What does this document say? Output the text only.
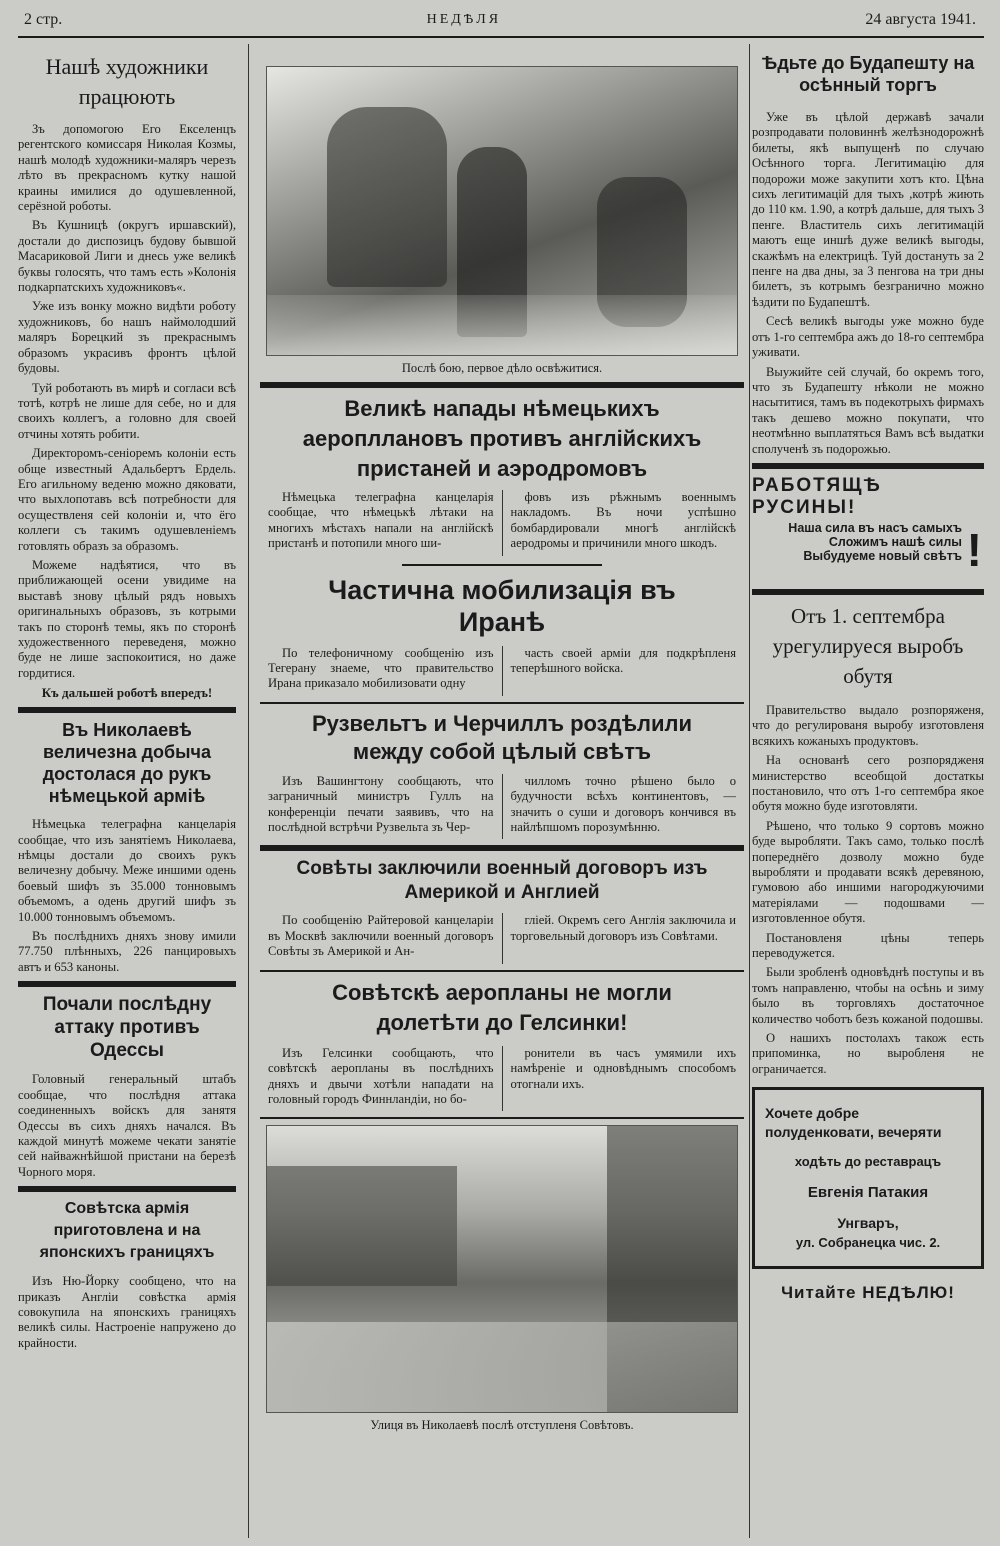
2 стр.	НЕДѢЛЯ	24 августа 1941.
Нашѣ художники працюють

Зъ допомогою Его Екселенцъ регентского комиссаря Николая Козмы, нашѣ молодѣ художники-маляръ черезъ лѣто въ прекрасномъ кутку нашой краины имилися до одушевленной, серёзной роботы.

Въ Кушницѣ (округъ иршавский), достали до диспозицъ будову бывшой Масариковой Лиги и днесь уже великѣ буквы голосять, что тамъ есть »Колонія подкарпатскихъ художниковъ«.

Уже изъ вонку можно видѣти роботу художниковъ, бо нашъ наймолодший маляръ Борецкий зъ прекраснымъ образомъ украсивъ фронтъ цѣлой будовы.

Туй роботають въ мирѣ и согласи всѣ тотѣ, котрѣ не лише для себе, но и для своихъ коллегъ, а головно для своей отчины хотять робити.

Директоромъ-сеніоремъ колоніи есть обще известный Адальбертъ Ердель. Его агильному веденю можно дяковати, что выхлопотавъ всѣ потребности для осуществленя сей колоніи и, что ёго коллеги съ такимъ одушевленіемъ готовлять образъ за образомъ.

Можеме надѣятися, что въ приближающей осени увидиме на выставѣ знову цѣлый рядъ новыхъ оригинальныхъ образовъ, зъ котрыми такъ по сторонѣ темы, якъ по сторонѣ художественного переведеня, можно буде не лише заспокоитися, но даже гордитися.

Къ дальшей роботѣ впередъ!
Въ Николаевѣ величезна добыча достолася до рукъ нѣмецькой армiѣ

Нѣмецька телеграфна канцеларія сообщае, что изъ занятіемъ Николаева, нѣмцы достали до своихъ рукъ величезну добычу. Меже иншими одень боевый шифъ зъ 35.000 тонновымъ объемомъ, а одень другий шифъ зъ 10.000 тонновымъ объемомъ.

Въ послѣднихъ дняхъ знову имили 77.750 плѣнныхъ, 226 панцировыхъ автъ и 653 каноны.

Почали послѣдну аттаку противъ Одессы

Головный генеральный штабъ сообщае, что послѣдня аттака соединенныхъ войскъ для занятя Одессы въ сихъ дняхъ начался. Въ каждой минутѣ можеме чекати занятіе сей найважнѣйшой пристани на березѣ Чорного моря.

Совѣтска армія приготовлена и на японскихъ границяхъ

Изъ Ню-Йорку сообщено, что на приказъ Англіи совѣстка армія совокупила на японскихъ границяхъ великѣ силы. Настроеніе напружено до крайности.

Послѣ бою, первое дѣло освѣжитися.
Великѣ напады нѣмецькихъ аеропллановъ противъ англійскихъ пристаней и аэродромовъ

Нѣмецька телеграфна канцеларія сообщае, что нѣмецькѣ лѣтаки на многихъ мѣстахъ напали на англійскѣ пристанѣ и потопили много ши-

фовъ изъ рѣжнымъ военнымъ накладомъ. Въ ночи успѣшно бомбардировали многѣ англійскѣ аеродромы и причинили много шкодъ.

Частична мобилизація въ Иранѣ

По телефоничному сообщенію изъ Тегерану знаеме, что правительство Ирана приказало мобилизовати одну

часть своей арміи для подкрѣпленя теперѣшного войска.

Рузвельтъ и Черчиллъ роздѣлили между собой цѣлый свѣтъ

Изъ Вашингтону сообщають, что заграничный министръ Гуллъ на конференціи печати заявивъ, что на послѣдной встрѣчи Рузвельта зъ Чер-

чилломъ точно рѣшено было о будучности всѣхъ континентовъ, — значить о суши и договоръ кончився въ найлѣпшомъ порозумѣнню.

Совѣты заключили военный договоръ изъ Америкой и Англией

По сообщенію Райтеровой канцеларіи въ Москвѣ заключили военный договоръ Совѣты зъ Америкой и Ан-

гліей. Окремъ сего Англія заключила и торговельный договоръ изъ Совѣтами.

Совѣтскѣ аеропланы не могли долетѣти до Гелсинки!

Изъ Гелсинки сообщають, что совѣтскѣ аеропланы въ послѣднихъ дняхъ и двычи хотѣли нападати на головный городъ Финнландіи, но бо-

ронители въ часъ умямили ихъ намѣреніе и одновѣднымъ способомъ отогнали ихъ.

Улиця въ Николаевѣ послѣ отступленя Совѣтовъ.
Ѣдьте до Будапешту на осѣнный торгъ

Уже въ цѣлой державѣ зачали розпродавати половиннѣ желѣзнодорожнѣ билеты, якѣ выпущенѣ по случаю Осѣнного торга. Легитимацію для подорожи може закупити хотъ кто. Цѣна сихъ легитимацій для тыхъ ,котрѣ жиють до 110 км. 1.90, а котрѣ дальше, для тыхъ 3 пенге. Властитель сихъ легитимацій маютъ еще иншѣ дуже великѣ выгоды, скажѣмъ на електрицѣ. Туй достануть за 2 пенге на два дны, за 3 пенгова на три дны билетъ, зъ котрымъ безгранично можно ѣздити по Будапештѣ.

Сесѣ великѣ выгоды уже можно буде отъ 1-го септембра ажъ до 18-го септембра уживати.

Выужийте сей случай, бо окремъ того, что зъ Будапешту нѣколи не можно насытитися, тамъ въ подекотрыхъ фирмахъ такъ дешево можно покупати, что неотмѣнно выплатяться Вамъ всѣ выдатки сполученѣ зъ подорожью.

РАБОТЯЩѢ
РУСИНЫ!
Наша сила въ насъ самыхъ
Сложимъ нашѣ силы
Выбудуеме новый свѣтъ !
Отъ 1. септембра урегулируеся выробъ обутя

Правительство выдало розпоряженя, что до регулированя выробу изготовленя всякихъ кожаныхъ продуктовъ.

На основанѣ сего розпорядженя министерство всеобщой достаткы постановило, что отъ 1-го септембра якое обутя можно буде изготовляти.

Рѣшено, что только 9 сортовъ можно буде выробляти. Такъ само, только послѣ попереднёго дозволу можно буде выробляти и продавати всякѣ деревяною, гумовою або иншими нагороджуючими матеріялами — подошвами — изготовленное обутя.

Постановленя цѣны теперь переводужется.

Были зробленѣ одновѣднѣ поступы и въ томъ направленю, чтобы на осѣнь и зиму было въ торговляхъ достаточное количество чоботъ безъ кожаной подошвы.

О нашихъ постолахъ також есть припоминка, но выробленя не ограничается.

Хочете добре
полуденковати, вечеряти
ходѣть до реставрацъ
Евгенія Патакия
Унгваръ,
ул. Собранецка чис. 2.
Читайте НЕДѢЛЮ!
